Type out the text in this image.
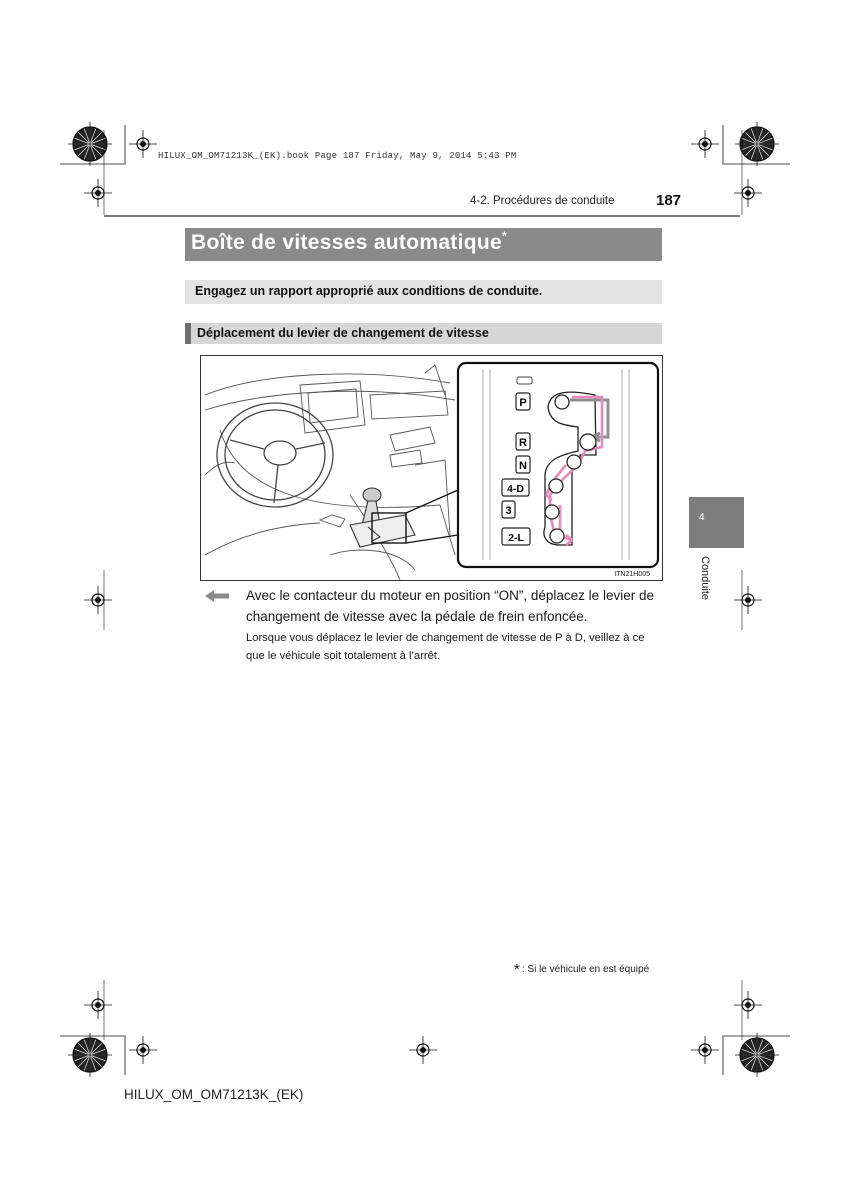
HILUX_OM_OM71213K_(EK).book Page 187 Friday, May 9, 2014 5:43 PM
4-2. Procédures de conduite	187
Boîte de vitesses automatique*
Engagez un rapport approprié aux conditions de conduite.
Déplacement du levier de changement de vitesse
P
R
N
4-D
3
2-L
ITN21H005
Avec le contacteur du moteur en position “ON”, déplacez le levier de changement de vitesse avec la pédale de frein enfoncée.
Lorsque vous déplacez le levier de changement de vitesse de P à D, veillez à ce que le véhicule soit totalement à l’arrêt.
4
Conduite
* : Si le véhicule en est équipé
HILUX_OM_OM71213K_(EK)
